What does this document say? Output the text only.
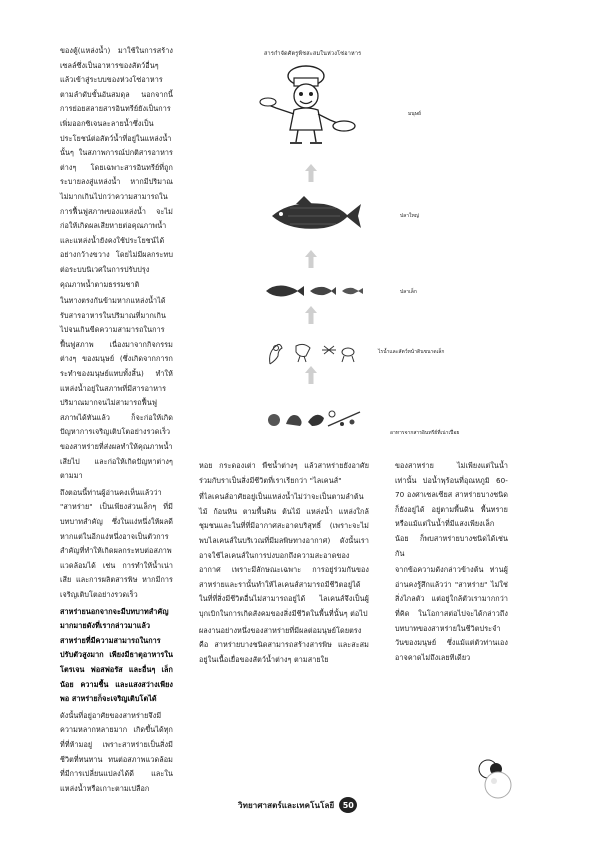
ของตู้(แหล่งน้ำ) มาใช้ในการสร้างเซลล์ซึ่งเป็นอาหารของสัตว์อื่นๆ แล้วเข้าสู่ระบบของห่วงโซ่อาหารตามลำดับขั้นอันสมดุล นอกจากนี้การย่อยสลายสารอินทรีย์ยังเป็นการเพิ่มออกซิเจนละลายน้ำซึ่งเป็นประโยชน์ต่อสัตว์น้ำที่อยู่ในแหล่งน้ำนั้นๆ ในสภาพการณ์ปกติสารอาหารต่างๆ โดยเฉพาะสารอินทรีย์ที่ถูกระบายลงสู่แหล่งน้ำ หากมีปริมาณไม่มากเกินไปกว่าความสามารถในการฟื้นฟูสภาพของแหล่งน้ำ จะไม่ก่อให้เกิดผลเสียหายต่อคุณภาพน้ำ และแหล่งน้ำยังคงใช้ประโยชน์ได้อย่างกว้างขวาง โดยไม่มีผลกระทบต่อระบบนิเวศในการปรับปรุงคุณภาพน้ำตามธรรมชาติ

ในทางตรงกันข้ามหากแหล่งน้ำได้รับสารอาหารในปริมาณที่มากเกินไปจนเกินขีดความสามารถในการฟื้นฟูสภาพ เนื่องมาจากกิจกรรมต่างๆ ของมนุษย์ (ซึ่งเกิดจากการกระทำของมนุษย์แทบทั้งสิ้น) ทำให้แหล่งน้ำอยู่ในสภาพที่มีสารอาหารปริมาณมากจนไม่สามารถฟื้นฟูสภาพได้ทันแล้ว ก็จะก่อให้เกิดปัญหาการเจริญเติบโตอย่างรวดเร็วของสาหร่ายที่ส่งผลทำให้คุณภาพน้ำเสียไป และก่อให้เกิดปัญหาต่างๆ ตามมา

ถึงตอนนี้ท่านผู้อ่านคงเห็นแล้วว่า "สาหร่าย" เป็นเพียงส่วนเล็กๆ ที่มีบทบาทสำคัญ ซึ่งในแง่หนึ่งให้ผลดี หากแต่ในอีกแง่หนึ่งอาจเป็นตัวการสำคัญที่ทำให้เกิดผลกระทบต่อสภาพแวดล้อมได้ เช่น การทำให้น้ำเน่าเสีย และการผลิตสารพิษ หากมีการเจริญเติบโตอย่างรวดเร็ว

สาหร่ายนอกจากจะมีบทบาทสำคัญมากมายดังที่เรากล่าวมาแล้ว สาหร่ายที่มีความสามารถในการปรับตัวสูงมาก เพียงมีธาตุอาหารในโตรเจน ฟอสฟอรัส และอื่นๆ เล็กน้อย ความชื้น และแสงสว่างเพียงพอ สาหร่ายก็จะเจริญเติบโตได้

ดังนั้นที่อยู่อาศัยของสาหร่ายจึงมีความหลากหลายมาก เกิดขึ้นได้ทุกที่ที่ห้ามอยู่ เพราะสาหร่ายเป็นสิ่งมีชีวิตที่ทนทาน ทนต่อสภาพแวดล้อมที่มีการเปลี่ยนแปลงได้ดี และในแหล่งน้ำหรือเกาะตามเปลือก

สารกำจัดศัตรูพืชสะสมในห่วงโซ่อาหาร
มนุษย์
ปลาใหญ่
ปลาเล็ก
ไรน้ำและสัตว์หน้าดินขนาดเล็ก
อาหารจากสารอินทรีย์ที่เน่าเปื่อย

หอย กระดองเต่า พืชน้ำต่างๆ แล้วสาหร่ายยังอาศัยร่วมกับราเป็นสิ่งมีชีวิตที่เราเรียกว่า "ไลเคนส์"

ที่ไลเคนส์อาศัยอยู่เป็นแหล่งน้ำไม่ว่าจะเป็นตามลำต้นไม้ ก้อนหิน ตามพื้นดิน ต้นไม้ แหล่งน้ำ แหล่งใกล้ชุมชนและในที่ที่มีอากาศสะอาดบริสุทธิ์ (เพราะจะไม่พบไลเคนส์ในบริเวณที่มีมลพิษทางอากาศ) ดังนั้นเราอาจใช้ไลเคนส์ในการบ่งบอกถึงความสะอาดของอากาศ เพราะมีลักษณะเฉพาะ การอยู่ร่วมกันของสาหร่ายและรานั้นทำให้ไลเคนส์สามารถมีชีวิตอยู่ได้ในที่ที่สิ่งมีชีวิตอื่นไม่สามารถอยู่ได้ ไลเคนส์จึงเป็นผู้บุกเบิกในการเกิดสังคมของสิ่งมีชีวิตในพื้นที่นั้นๆ ต่อไป

ผลงานอย่างหนึ่งของสาหร่ายที่มีผลต่อมนุษย์โดยตรงคือ สาหร่ายบางชนิดสามารถสร้างสารพิษ และสะสมอยู่ในเนื้อเยื่อของสัตว์น้ำต่างๆ ตามสายใย

ของสาหร่าย ไม่เพียงแต่ในน้ำเท่านั้น บ่อน้ำพุร้อนที่อุณหภูมิ 60-70 องศาเซลเซียส สาหร่ายบางชนิดก็ยังอยู่ได้ อยู่ตามพื้นดิน พื้นทราย หรือแม้แต่ในน้ำที่มีแสงเพียงเล็กน้อย ก็พบสาหร่ายบางชนิดได้เช่นกัน

จากข้อความดังกล่าวข้างต้น ท่านผู้อ่านคงรู้สึกแล้วว่า "สาหร่าย" ไม่ใช่สิ่งไกลตัว แต่อยู่ใกล้ตัวเรามากกว่าที่คิด ในโอกาสต่อไปจะได้กล่าวถึงบทบาทของสาหร่ายในชีวิตประจำวันของมนุษย์ ซึ่งแม้แต่ตัวท่านเองอาจคาดไม่ถึงเลยทีเดียว

วิทยาศาสตร์และเทคโนโลยี	50
